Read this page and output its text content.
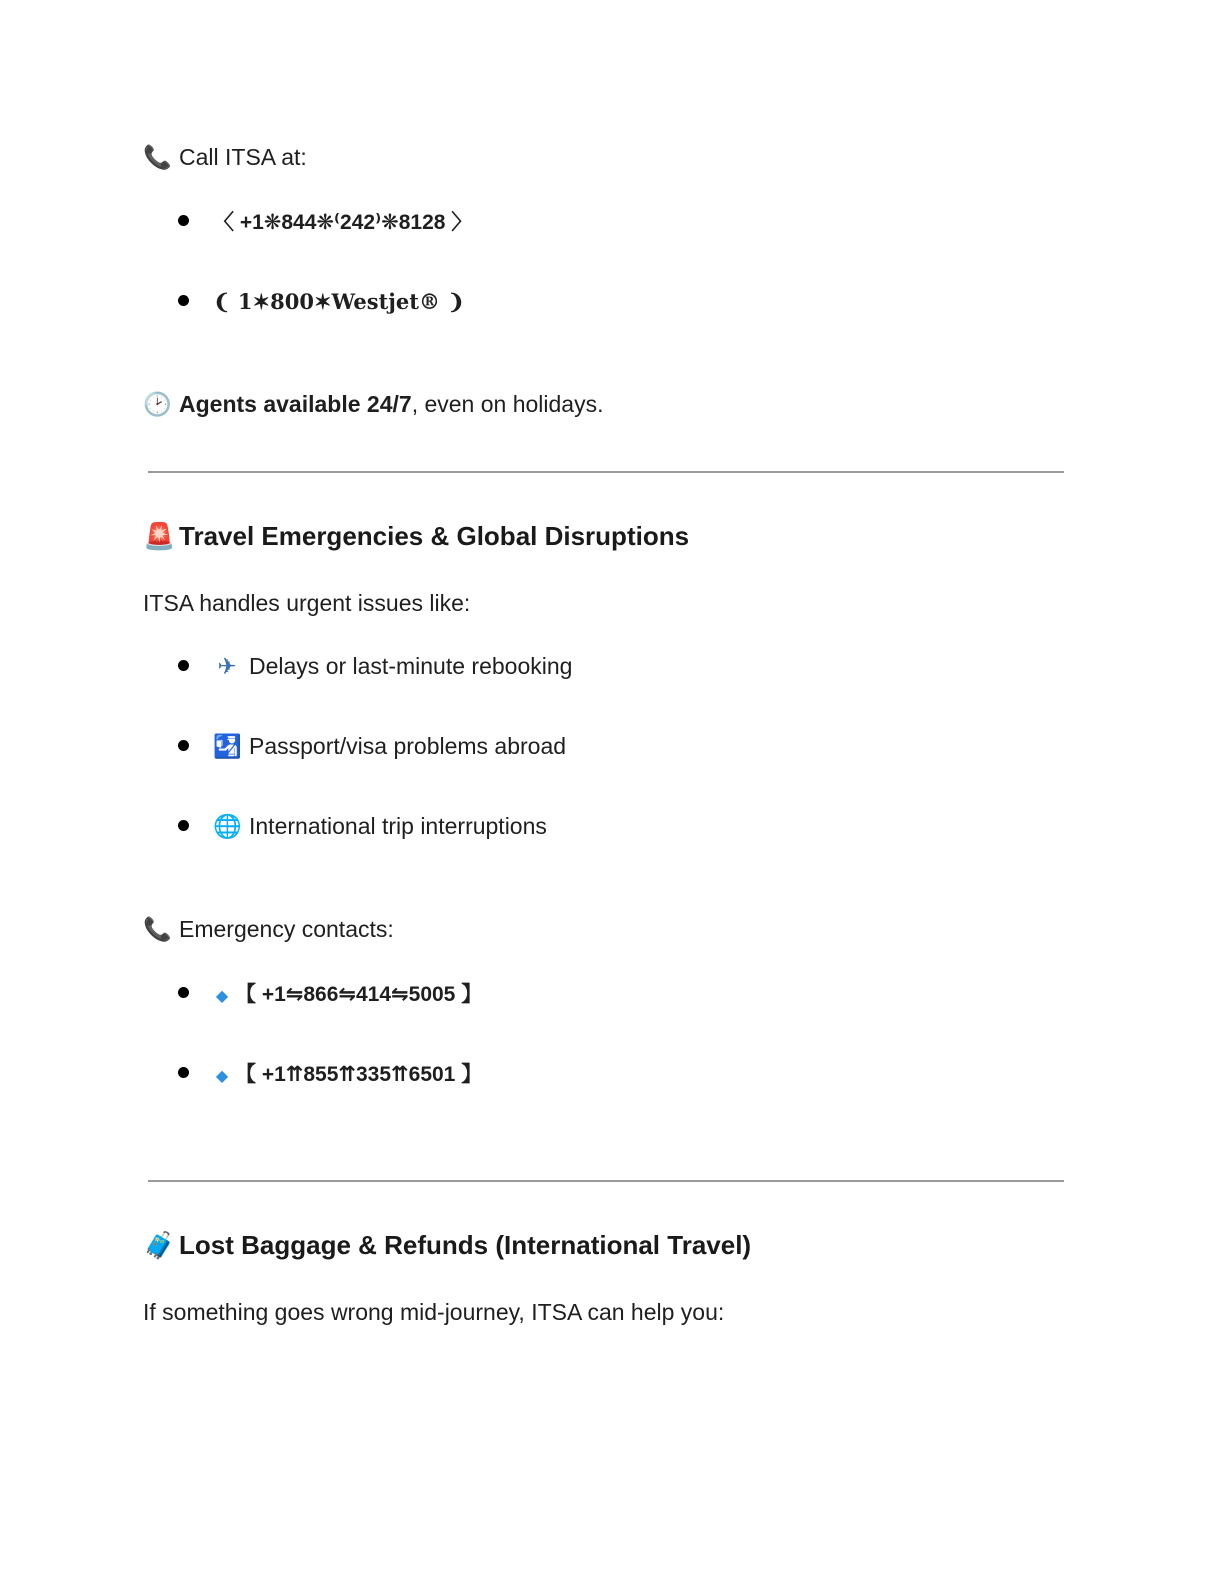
📞 Call ITSA at:
〈 +1❋844❋⁽242⁾❋8128 〉
❨ 1✶800✶Westjet® ❩
🕑 Agents available 24/7, even on holidays.
🚨 Travel Emergencies & Global Disruptions
ITSA handles urgent issues like:
✈ Delays or last-minute rebooking
🛂 Passport/visa problems abroad
🌐 International trip interruptions
📞 Emergency contacts:
◆ 【 +1⇋866⇋414⇋5005 】
◆ 【 +1⇈855⇈335⇈6501 】
🧳 Lost Baggage & Refunds (International Travel)
If something goes wrong mid-journey, ITSA can help you:
